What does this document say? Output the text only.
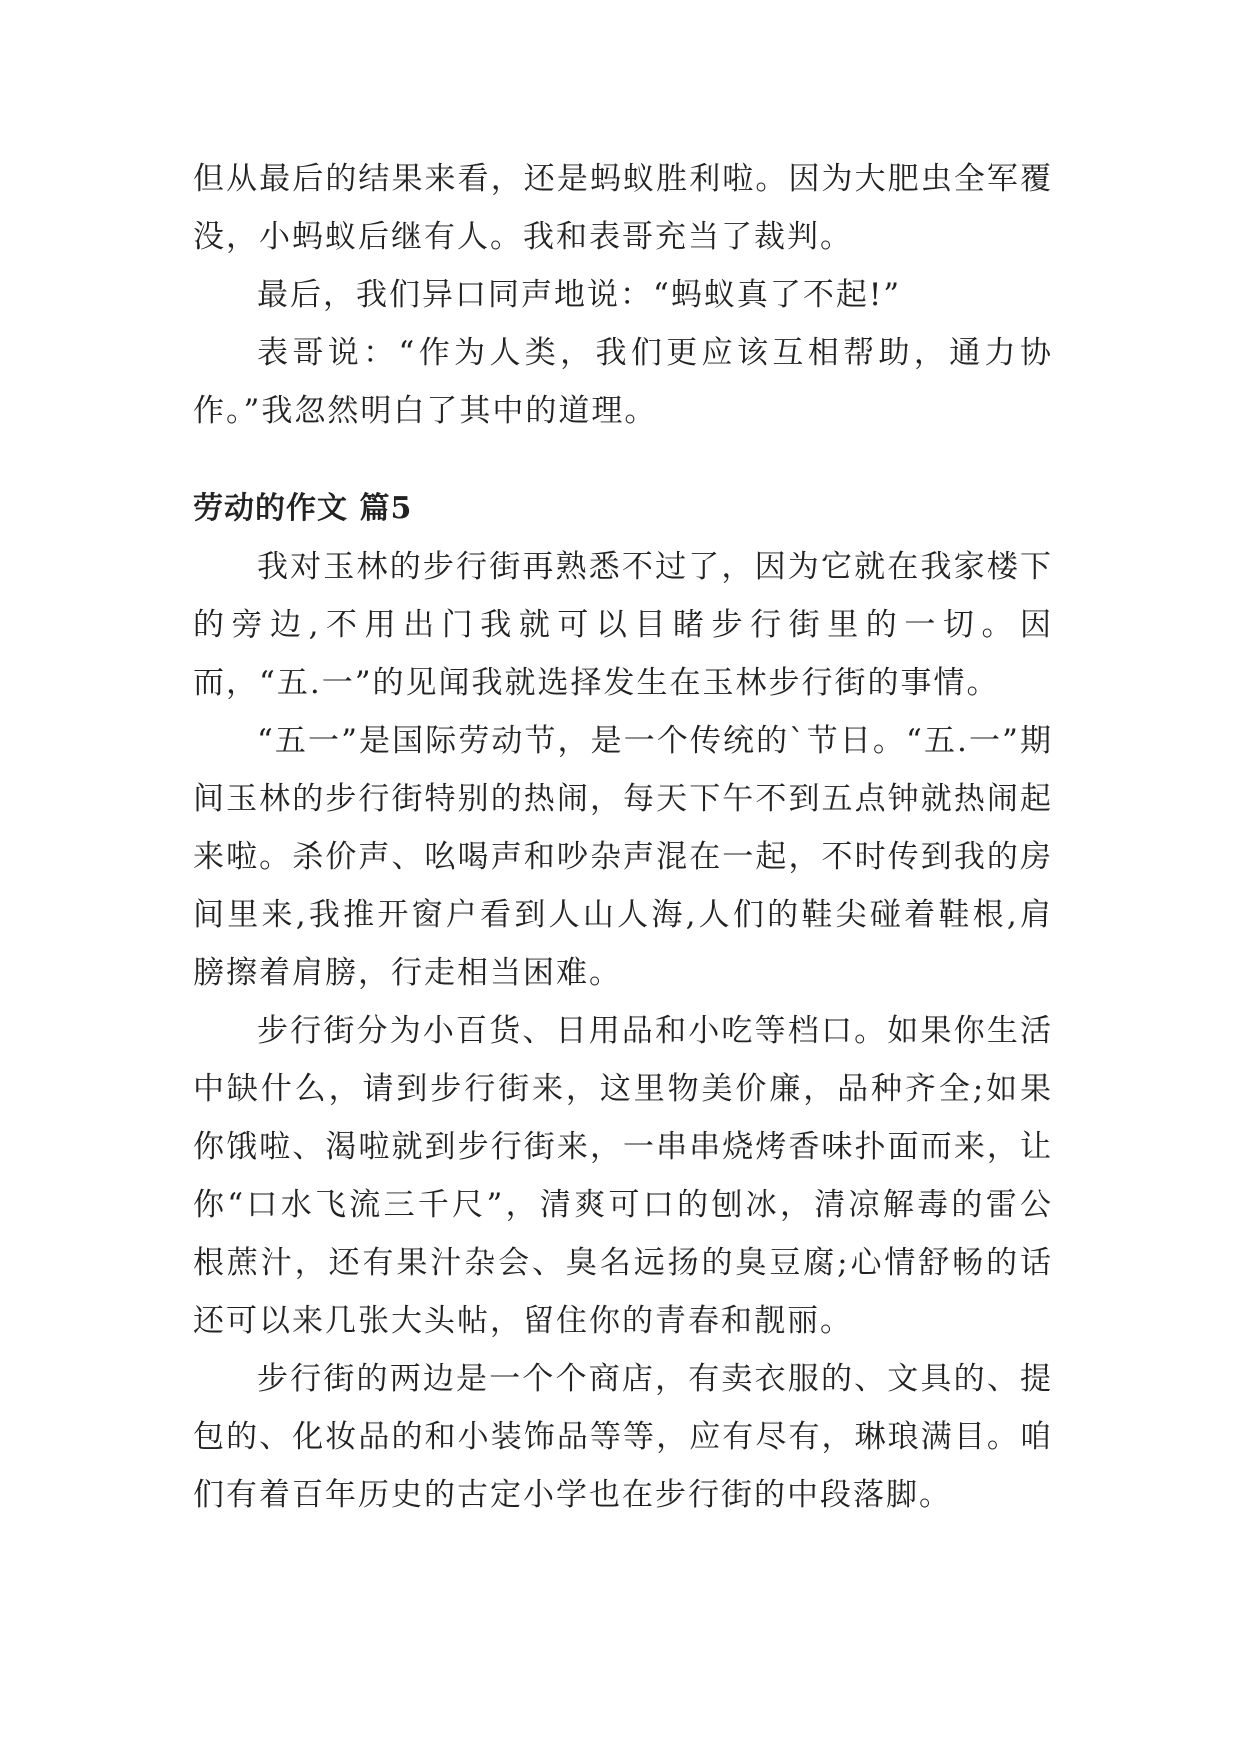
但从最后的结果来看，还是蚂蚁胜利啦。因为大肥虫全军覆没，小蚂蚁后继有人。我和表哥充当了裁判。

最后，我们异口同声地说：“蚂蚁真了不起!”

表哥说：“作为人类，我们更应该互相帮助，通力协作。”我忽然明白了其中的道理。

劳动的作文 篇5

我对玉林的步行街再熟悉不过了，因为它就在我家楼下的旁边,不用出门我就可以目睹步行街里的一切。因而，“五.一”的见闻我就选择发生在玉林步行街的事情。

“五一”是国际劳动节，是一个传统的`节日。“五.一”期间玉林的步行街特别的热闹，每天下午不到五点钟就热闹起来啦。杀价声、吆喝声和吵杂声混在一起，不时传到我的房间里来,我推开窗户看到人山人海,人们的鞋尖碰着鞋根,肩膀擦着肩膀，行走相当困难。

步行街分为小百货、日用品和小吃等档口。如果你生活中缺什么，请到步行街来，这里物美价廉，品种齐全;如果你饿啦、渴啦就到步行街来，一串串烧烤香味扑面而来，让你“口水飞流三千尺”，清爽可口的刨冰，清凉解毒的雷公根蔗汁，还有果汁杂会、臭名远扬的臭豆腐;心情舒畅的话还可以来几张大头帖，留住你的青春和靓丽。

步行街的两边是一个个商店，有卖衣服的、文具的、提包的、化妆品的和小装饰品等等，应有尽有，琳琅满目。咱们有着百年历史的古定小学也在步行街的中段落脚。
